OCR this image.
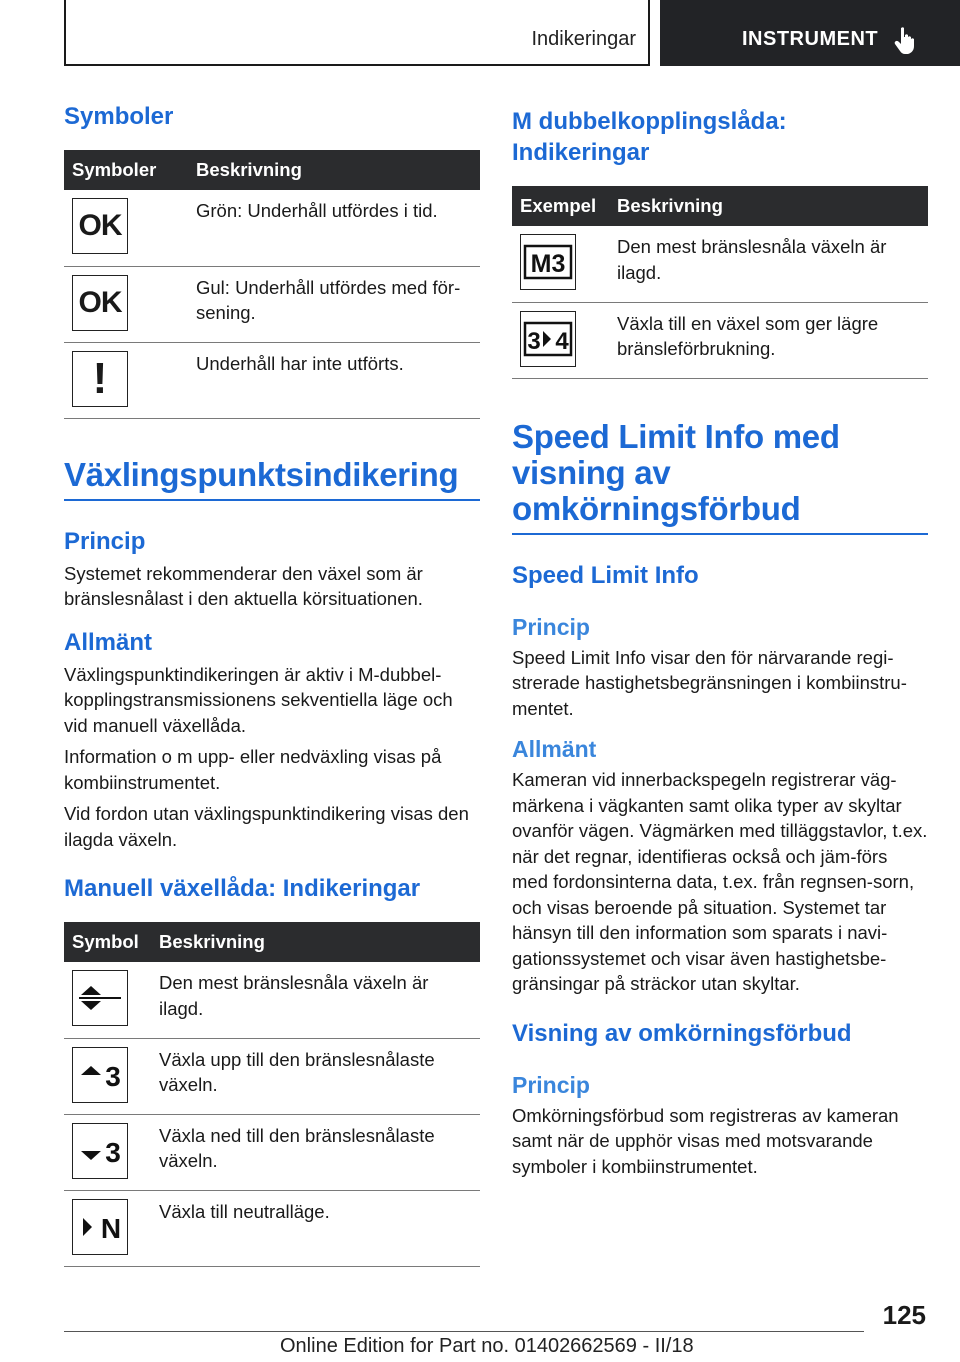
Indikeringar	INSTRUMENT
Symboler
Symboler	Beskrivning

OK	Grön: Underhåll utfördes i tid.

OK	Gul: Underhåll utfördes med för-sening.

!	Underhåll har inte utförts.
Växlingspunktsindikering
Princip

Systemet rekommenderar den växel som är bränslesnålast i den aktuella körsituationen.

Allmänt

Växlingspunktindikeringen är aktiv i M-dubbel-kopplingstransmissionens sekventiella läge och vid manuell växellåda.

Information o m upp- eller nedväxling visas på kombiinstrumentet.

Vid fordon utan växlingspunktindikering visas den ilagda växeln.

Manuell växellåda: Indikeringar
Symbol	Beskrivning

	Den mest bränslesnåla växeln är ilagd.

3	Växla upp till den bränslesnålaste växeln.

3	Växla ned till den bränslesnålaste växeln.

N	Växla till neutralläge.
M dubbelkopplingslåda: Indikeringar
Exempel	Beskrivning

M3	Den mest bränslesnåla växeln är ilagd.

3 4	Växla till en växel som ger lägre bränsleförbrukning.
Speed Limit Info med visning av omkörningsförbud
Speed Limit Info
Princip

Speed Limit Info visar den för närvarande regi-strerade hastighetsbegränsningen i kombiinstru-mentet.

Allmänt

Kameran vid innerbackspegeln registrerar väg-märkena i vägkanten samt olika typer av skyltar ovanför vägen. Vägmärken med tilläggstavlor, t.ex. när det regnar, identifieras också och jäm-förs med fordonsinterna data, t.ex. från regnsen-sorn, och visas beroende på situation. Systemet tar hänsyn till den information som sparats i navi-gationssystemet och visar även hastighetsbe-gränsingar på sträckor utan skyltar.

Visning av omkörningsförbud
Princip

Omkörningsförbud som registreras av kameran samt när de upphör visas med motsvarande symboler i kombiinstrumentet.

125
Online Edition for Part no. 01402662569 - II/18
